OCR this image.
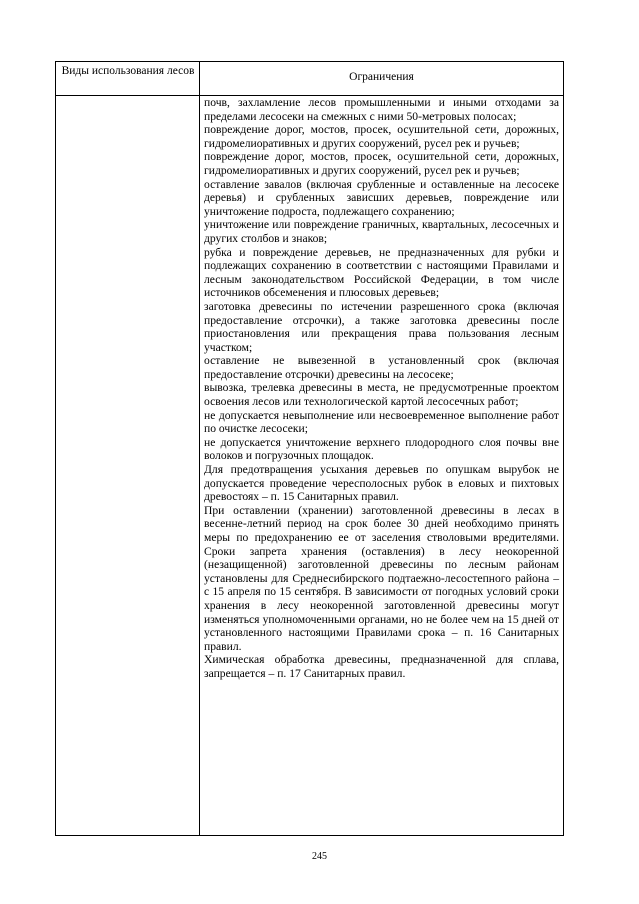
Виды использования лесов	Ограничения

почв, захламление лесов промышленными и иными отходами за пределами лесосеки на смежных с ними 50-метровых полосах;

повреждение дорог, мостов, просек, осушительной сети, дорожных, гидромелиоративных и других сооружений, русел рек и ручьев;

повреждение дорог, мостов, просек, осушительной сети, дорожных, гидромелиоративных и других сооружений, русел рек и ручьев;

оставление завалов (включая срубленные и оставленные на лесосеке деревья) и срубленных зависших деревьев, повреждение или уничтожение подроста, подлежащего сохранению;

уничтожение или повреждение граничных, квартальных, лесосечных и других столбов и знаков;

рубка и повреждение деревьев, не предназначенных для рубки и подлежащих сохранению в соответствии с настоящими Правилами и лесным законодательством Российской Федерации, в том числе источников обсеменения и плюсовых деревьев;

заготовка древесины по истечении разрешенного срока (включая предоставление отсрочки), а также заготовка древесины после приостановления или прекращения права пользования лесным участком;

оставление не вывезенной в установленный срок (включая предоставление отсрочки) древесины на лесосеке;

вывозка, трелевка древесины в места, не предусмотренные проектом освоения лесов или технологической картой лесосечных работ;

не допускается невыполнение или несвоевременное выполнение работ по очистке лесосеки;

не допускается уничтожение верхнего плодородного слоя почвы вне волоков и погрузочных площадок.

Для предотвращения усыхания деревьев по опушкам вырубок не допускается проведение чересполосных рубок в еловых и пихтовых древостоях – п. 15 Санитарных правил.

При оставлении (хранении) заготовленной древесины в лесах в весенне-летний период на срок более 30 дней необходимо принять меры по предохранению ее от заселения стволовыми вредителями. Сроки запрета хранения (оставления) в лесу неокоренной (незащищенной) заготовленной древесины по лесным районам установлены для Среднесибирского подтаежно-лесостепного района – с 15 апреля по 15 сентября. В зависимости от погодных условий сроки хранения в лесу неокоренной заготовленной древесины могут изменяться уполномоченными органами, но не более чем на 15 дней от установленного настоящими Правилами срока – п. 16 Санитарных правил.

Химическая обработка древесины, предназначенной для сплава, запрещается – п. 17 Санитарных правил.

245
